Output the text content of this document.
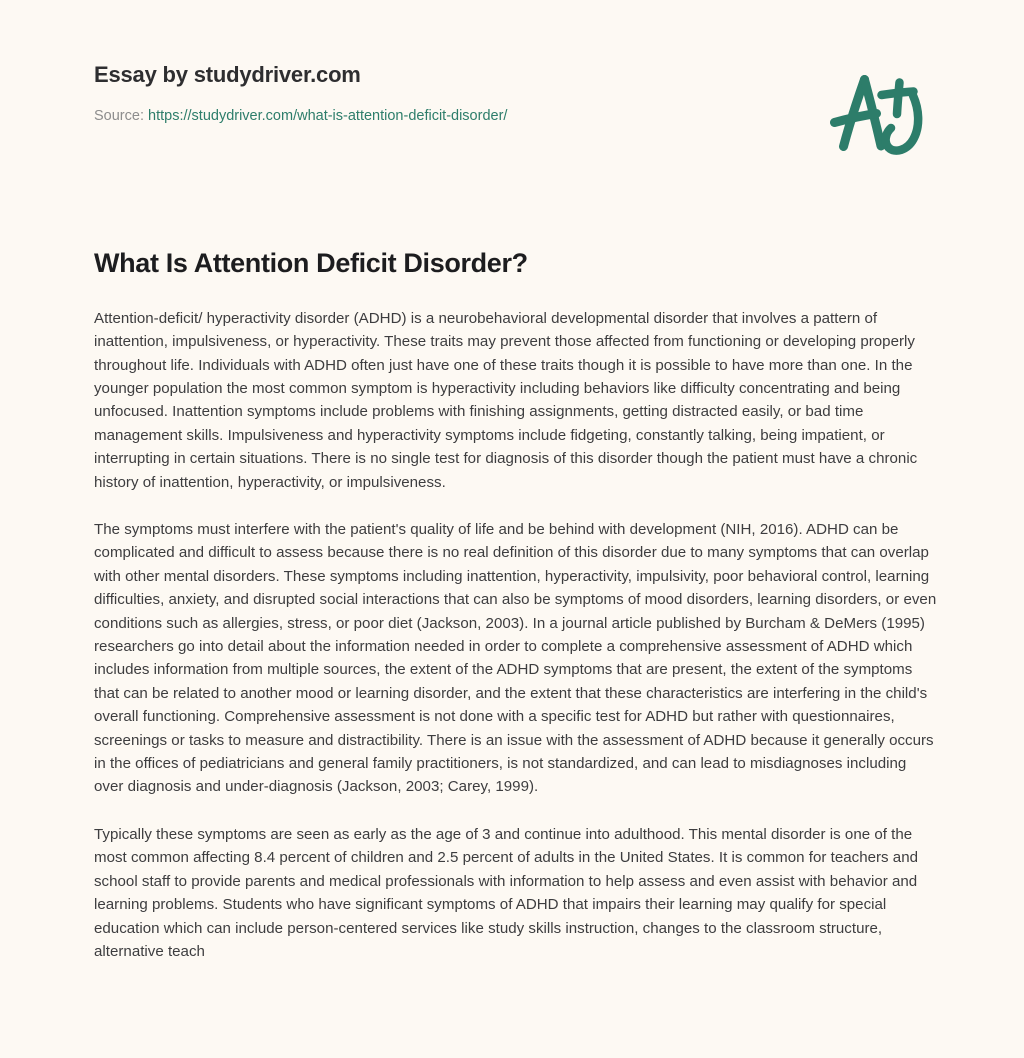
Essay by studydriver.com
Source: https://studydriver.com/what-is-attention-deficit-disorder/
What Is Attention Deficit Disorder?

Attention-deficit/ hyperactivity disorder (ADHD) is a neurobehavioral developmental disorder that involves a pattern of inattention, impulsiveness, or hyperactivity. These traits may prevent those affected from functioning or developing properly throughout life. Individuals with ADHD often just have one of these traits though it is possible to have more than one. In the younger population the most common symptom is hyperactivity including behaviors like difficulty concentrating and being unfocused. Inattention symptoms include problems with finishing assignments, getting distracted easily, or bad time management skills. Impulsiveness and hyperactivity symptoms include fidgeting, constantly talking, being impatient, or interrupting in certain situations. There is no single test for diagnosis of this disorder though the patient must have a chronic history of inattention, hyperactivity, or impulsiveness.

The symptoms must interfere with the patient's quality of life and be behind with development (NIH, 2016). ADHD can be complicated and difficult to assess because there is no real definition of this disorder due to many symptoms that can overlap with other mental disorders. These symptoms including inattention, hyperactivity, impulsivity, poor behavioral control, learning difficulties, anxiety, and disrupted social interactions that can also be symptoms of mood disorders, learning disorders, or even conditions such as allergies, stress, or poor diet (Jackson, 2003). In a journal article published by Burcham & DeMers (1995) researchers go into detail about the information needed in order to complete a comprehensive assessment of ADHD which includes information from multiple sources, the extent of the ADHD symptoms that are present, the extent of the symptoms that can be related to another mood or learning disorder, and the extent that these characteristics are interfering in the child's overall functioning. Comprehensive assessment is not done with a specific test for ADHD but rather with questionnaires, screenings or tasks to measure and distractibility. There is an issue with the assessment of ADHD because it generally occurs in the offices of pediatricians and general family practitioners, is not standardized, and can lead to misdiagnoses including over diagnosis and under-diagnosis (Jackson, 2003; Carey, 1999).

Typically these symptoms are seen as early as the age of 3 and continue into adulthood. This mental disorder is one of the most common affecting 8.4 percent of children and 2.5 percent of adults in the United States. It is common for teachers and school staff to provide parents and medical professionals with information to help assess and even assist with behavior and learning problems. Students who have significant symptoms of ADHD that impairs their learning may qualify for special education which can include person-centered services like study skills instruction, changes to the classroom structure, alternative teach
